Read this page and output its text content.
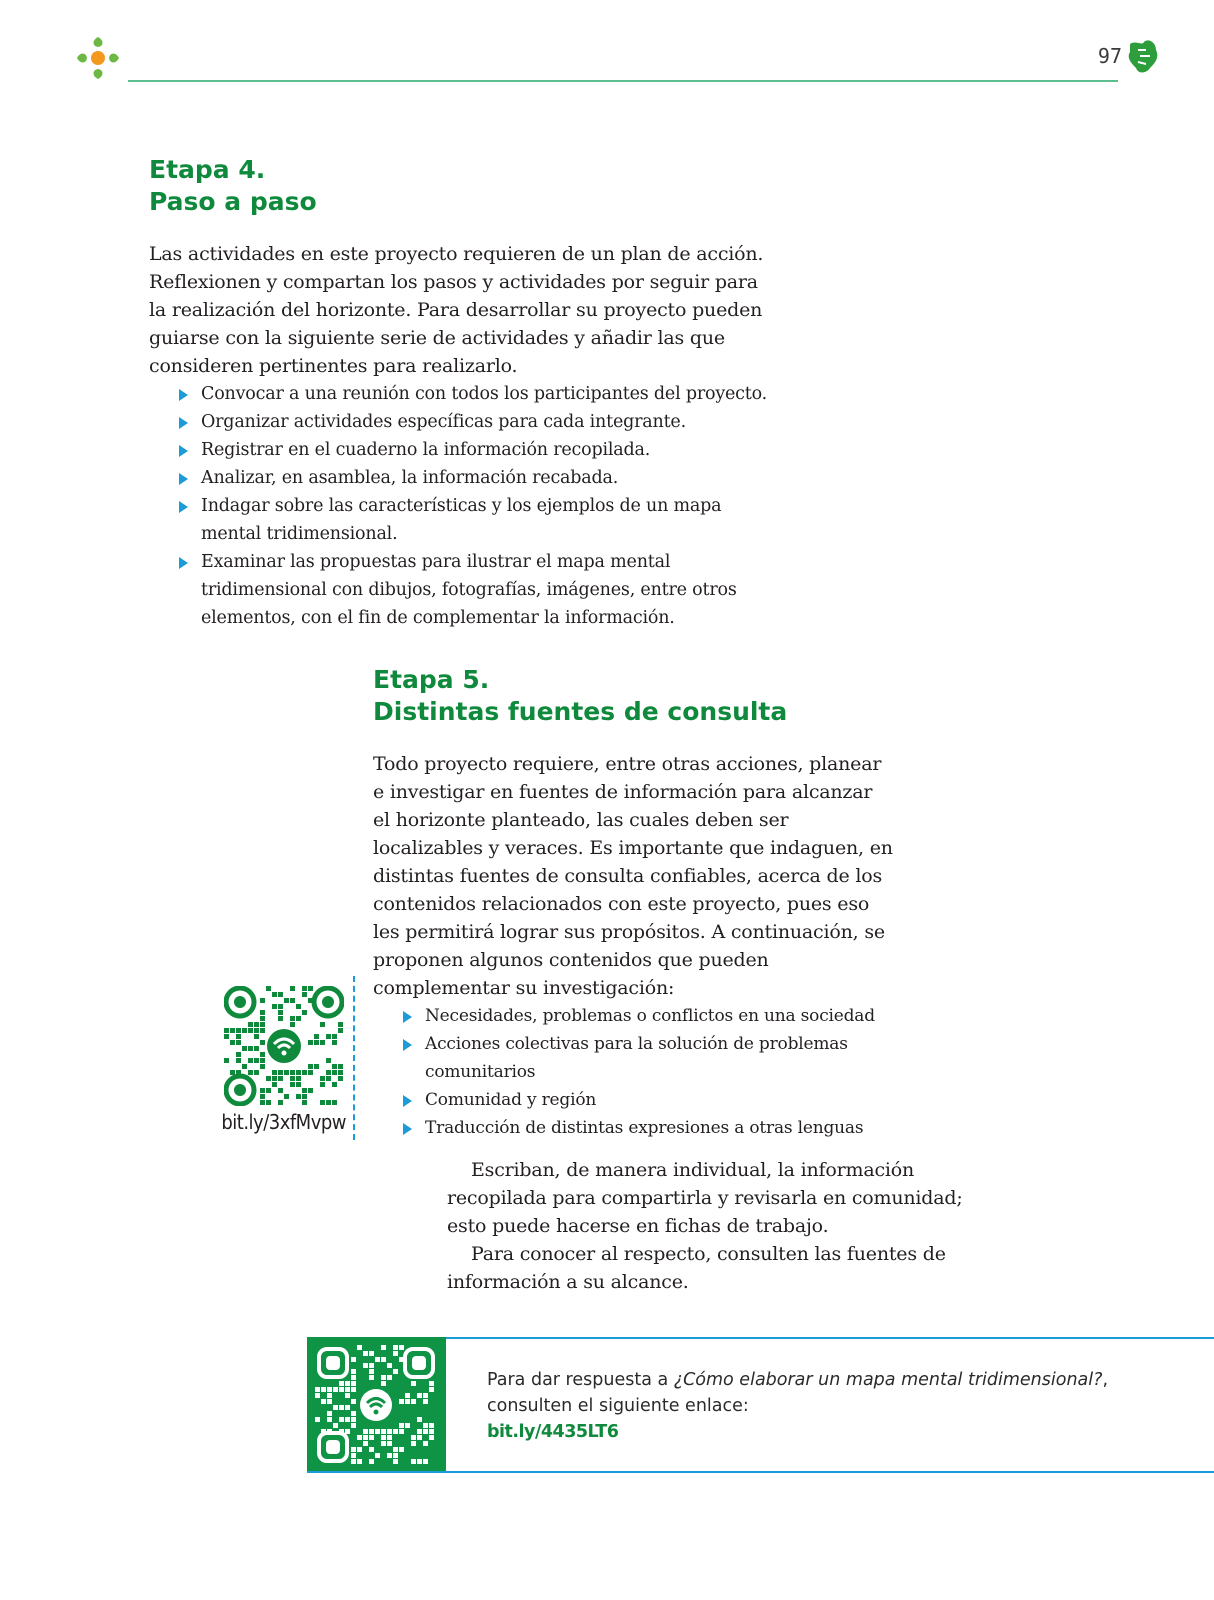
97
Etapa 4.
Paso a paso

Las actividades en este proyecto requieren de un plan de acción. Reflexionen y compartan los pasos y actividades por seguir para la realización del horizonte. Para desarrollar su proyecto pueden guiarse con la siguiente serie de actividades y añadir las que consideren pertinentes para realizarlo.

Convocar a una reunión con todos los participantes del proyecto.
Organizar actividades específicas para cada integrante.
Registrar en el cuaderno la información recopilada.
Analizar, en asamblea, la información recabada.
Indagar sobre las características y los ejemplos de un mapa mental tridimensional.
Examinar las propuestas para ilustrar el mapa mental tridimensional con dibujos, fotografías, imágenes, entre otros elementos, con el fin de complementar la información.
Etapa 5.
Distintas fuentes de consulta

Todo proyecto requiere, entre otras acciones, planear e investigar en fuentes de información para alcanzar el horizonte planteado, las cuales deben ser localizables y veraces. Es importante que indaguen, en distintas fuentes de consulta confiables, acerca de los contenidos relacionados con este proyecto, pues eso les permitirá lograr sus propósitos. A continuación, se proponen algunos contenidos que pueden complementar su investigación:

Necesidades, problemas o conflictos en una sociedad
Acciones colectivas para la solución de problemas comunitarios
Comunidad y región
Traducción de distintas expresiones a otras lenguas
bit.ly/3xfMvpw

Escriban, de manera individual, la información recopilada para compartirla y revisarla en comunidad; esto puede hacerse en fichas de trabajo.

Para conocer al respecto, consulten las fuentes de información a su alcance.

Para dar respuesta a ¿Cómo elaborar un mapa mental tridimensional?, consulten el siguiente enlace:
bit.ly/4435LT6
